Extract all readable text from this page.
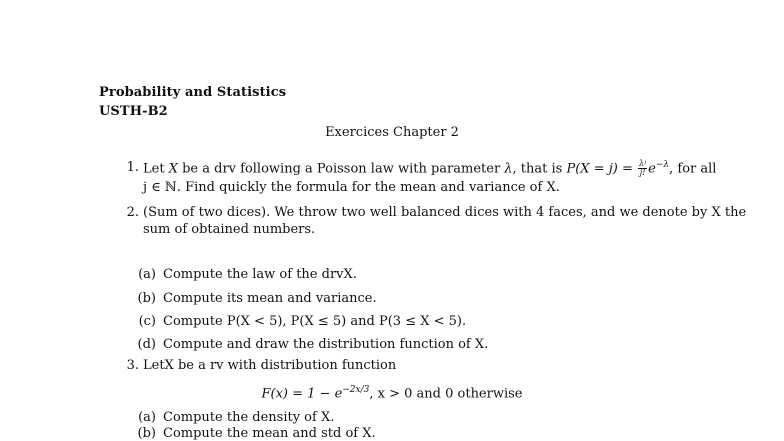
Probability and Statistics
USTH-B2
Exercices Chapter 2
1. Let X be a drv following a Poisson law with parameter λ, that is $P(X = j) = \frac{\text{λʲ}}{j!} e^{-\lambda}$, for all
j ∈ ℕ. Find quickly the formula for the mean and variance of X.
2. (Sum of two dices). We throw two well balanced dices with 4 faces, and we denote by X the
sum of obtained numbers.
(a) Compute the law of the drvX.
(b) Compute its mean and variance.
(c) Compute P(X < 5), P(X ≤ 5) and P(3 ≤ X < 5).
(d) Compute and draw the distribution function of X.
3. LetX be a rv with distribution function
$F(x) = 1 - e^{-2x/3}$, x > 0 and 0 otherwise
(a) Compute the density of X.
(b) Compute the mean and std of X.
